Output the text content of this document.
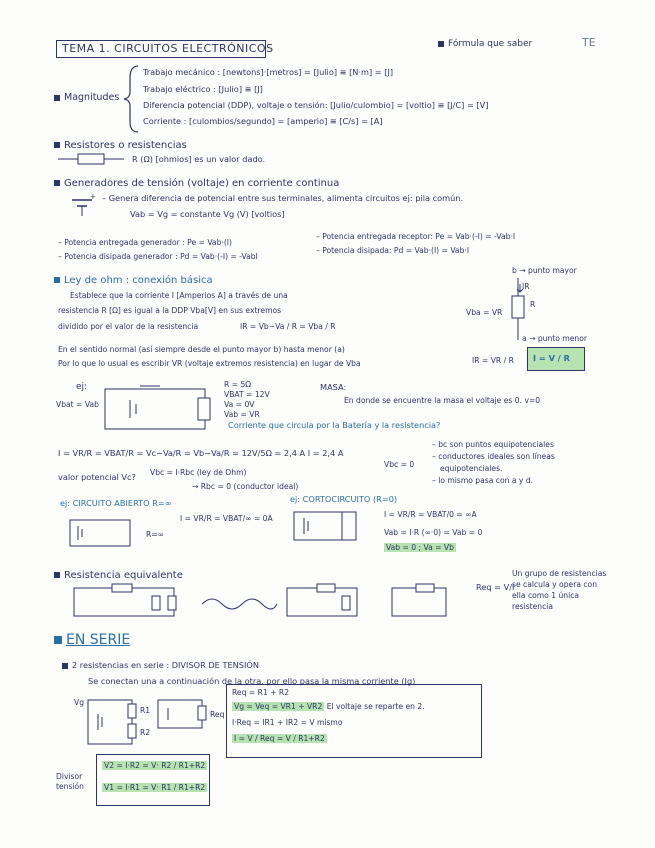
TEMA 1. CIRCUITOS ELECTRÓNICOS	Fórmula que saber	TE
Magnitudes
Trabajo mecánico : [newtons]·[metros] = [Julio] ≡ [N·m] = [J]
Trabajo eléctrico : [Julio] ≡ [J]
Diferencia potencial (DDP), voltaje o tensión: [Julio/culombio] = [voltio] ≡ [J/C] = [V]
Corriente : [culombios/segundo] = [amperio] ≡ [C/s] = [A]
Resistores o resistencias
R (Ω) [ohmios] es un valor dado.
Generadores de tensión (voltaje) en corriente continua
+ – Genera diferencia de potencial entre sus terminales, alimenta circuitos ej: pila común.
Vab = Vg = constante Vg (V) [voltios]
– Potencia entregada generador : Pe = Vab·(I)
– Potencia disipada generador : Pd = Vab·(-I) = -VabI
– Potencia entregada receptor: Pe = Vab·(-I) = -Vab·I
– Potencia disipada: Pd = Vab·(I) = Vab·I
Ley de ohm : conexión básica
b → punto mayor
Establece que la corriente I [Amperios A] a través de una
resistencia R [Ω] es igual a la DDP Vba[V] en sus extremos
dividido por el valor de la resistencia	IR = Vb−Va / R = Vba / R
IR
R
Vba = VR
a → punto menor
En el sentido normal (así siempre desde el punto mayor b) hasta menor (a)
Por lo que lo usual es escribir VR (voltaje extremos resistencia) en lugar de Vba	IR = VR / R I = V / R
ej:
Vbat = Vab
R = 5Ω
VBAT = 12V
Va = 0V
Vab = VR
MASA:
En donde se encuentre la masa el voltaje es 0. v=0
Corriente que circula por la Batería y la resistencia?
I = VR/R = VBAT/R = Vc−Va/R = Vb−Va/R = 12V/5Ω = 2,4 A I = 2,4 A
valor potencial Vc? Vbc = I·Rbc (ley de Ohm)
→ Rbc = 0 (conductor ideal)
Vbc = 0
– bc son puntos equipotenciales
– conductores ideales son líneas
equipotenciales.
– lo mismo pasa con a y d.
ej: CIRCUITO ABIERTO R=∞
R=∞
I = VR/R = VBAT/∞ = 0A
ej: CORTOCIRCUITO (R=0)
I = VR/R = VBAT/0 = ∞A
Vab = I·R (∞·0) = Vab = 0
Vab = 0 ; Va = Vb
Resistencia equivalente
Req = V/I
Un grupo de resistencias se calcula y opera con ella como 1 única resistencia
EN SERIE
2 resistencias en serie : DIVISOR DE TENSIÓN
Se conectan una a continuación de la otra, por ello pasa la misma corriente (Ig)
Vg
R1
R2
Req
Req = R1 + R2
Vg = Veq = VR1 + VR2 El voltaje se reparte en 2.
I·Req = IR1 + IR2 = V mismo
I = V / Req = V / R1+R2
Divisor tensión
V2 = I·R2 = V· R2 / R1+R2
V1 = I·R1 = V· R1 / R1+R2
